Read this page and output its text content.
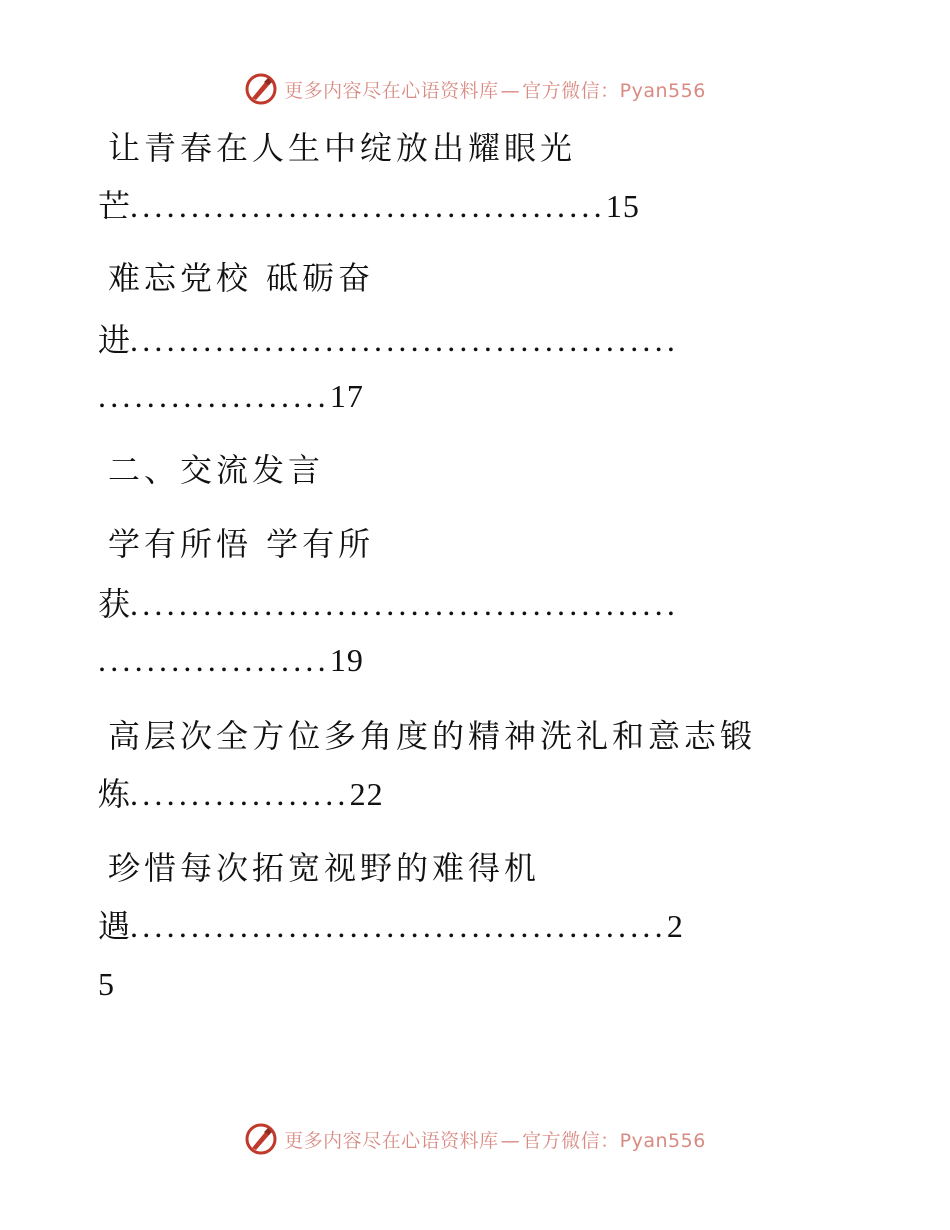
更多内容尽在心语资料库 — 官方微信：Pyan556
让青春在人生中绽放出耀眼光
芒.......................................15
难忘党校 砥砺奋
进.............................................
...................17
二、交流发言
学有所悟 学有所
获.............................................
...................19
高层次全方位多角度的精神洗礼和意志锻
炼..................22
珍惜每次拓宽视野的难得机
遇............................................2
5
更多内容尽在心语资料库 — 官方微信：Pyan556
